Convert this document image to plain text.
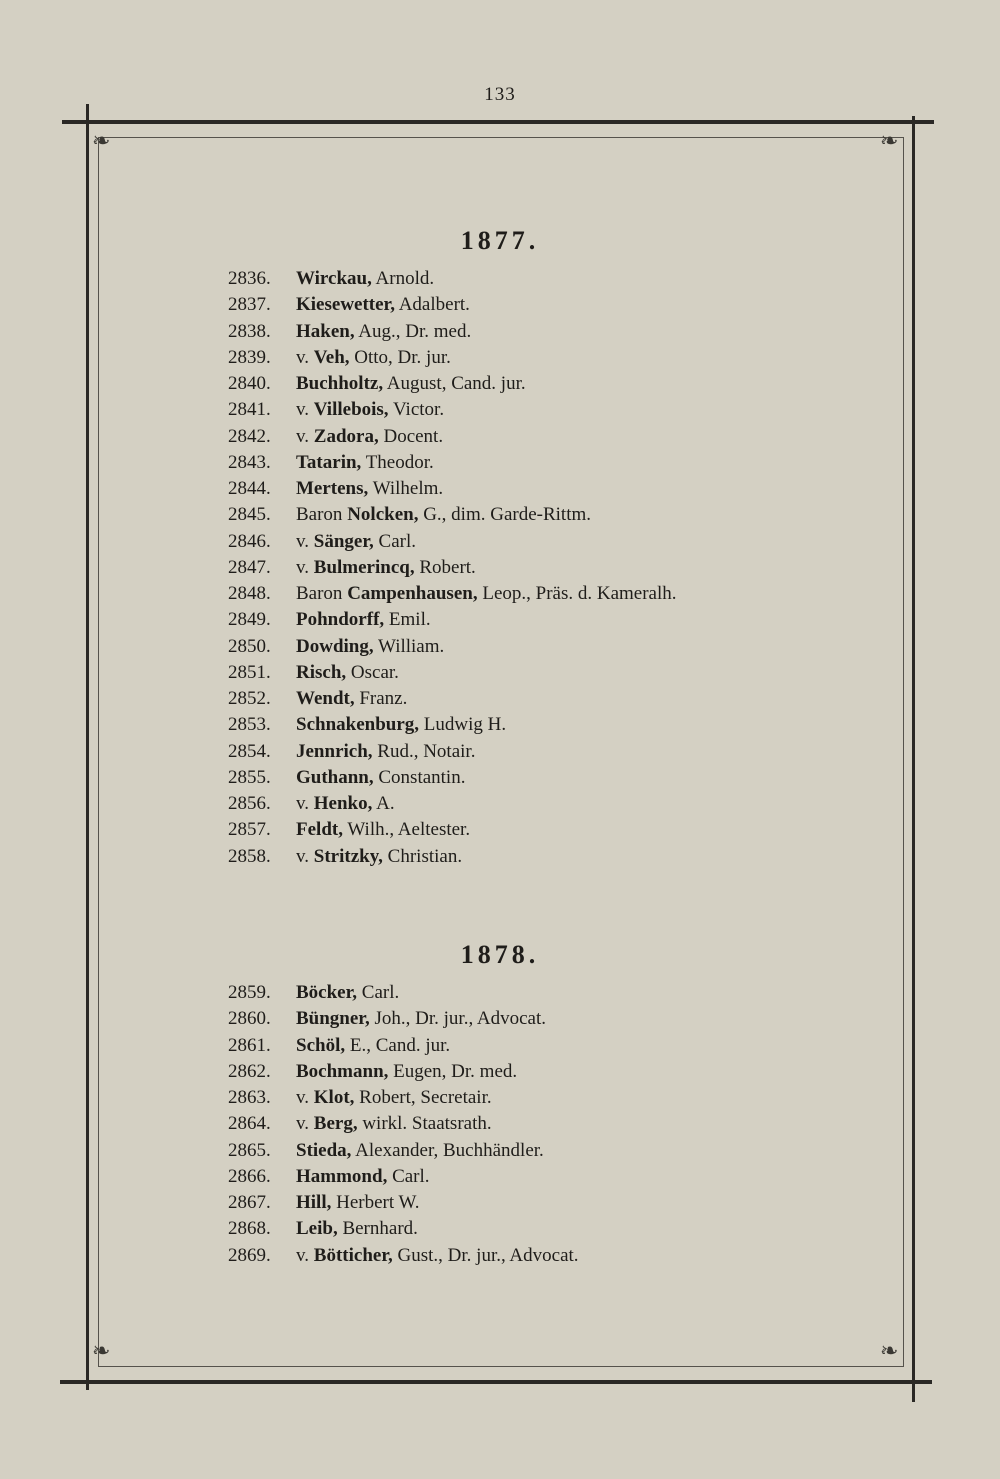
133
❧	❧
❧	❧
1877.
2836. Wirckau, Arnold.
2837. Kiesewetter, Adalbert.
2838. Haken, Aug., Dr. med.
2839. v. Veh, Otto, Dr. jur.
2840. Buchholtz, August, Cand. jur.
2841. v. Villebois, Victor.
2842. v. Zadora, Docent.
2843. Tatarin, Theodor.
2844. Mertens, Wilhelm.
2845. Baron Nolcken, G., dim. Garde-Rittm.
2846. v. Sänger, Carl.
2847. v. Bulmerincq, Robert.
2848. Baron Campenhausen, Leop., Präs. d. Kameralh.
2849. Pohndorff, Emil.
2850. Dowding, William.
2851. Risch, Oscar.
2852. Wendt, Franz.
2853. Schnakenburg, Ludwig H.
2854. Jennrich, Rud., Notair.
2855. Guthann, Constantin.
2856. v. Henko, A.
2857. Feldt, Wilh., Aeltester.
2858. v. Stritzky, Christian.
1878.
2859. Böcker, Carl.
2860. Büngner, Joh., Dr. jur., Advocat.
2861. Schöl, E., Cand. jur.
2862. Bochmann, Eugen, Dr. med.
2863. v. Klot, Robert, Secretair.
2864. v. Berg, wirkl. Staatsrath.
2865. Stieda, Alexander, Buchhändler.
2866. Hammond, Carl.
2867. Hill, Herbert W.
2868. Leib, Bernhard.
2869. v. Bötticher, Gust., Dr. jur., Advocat.
